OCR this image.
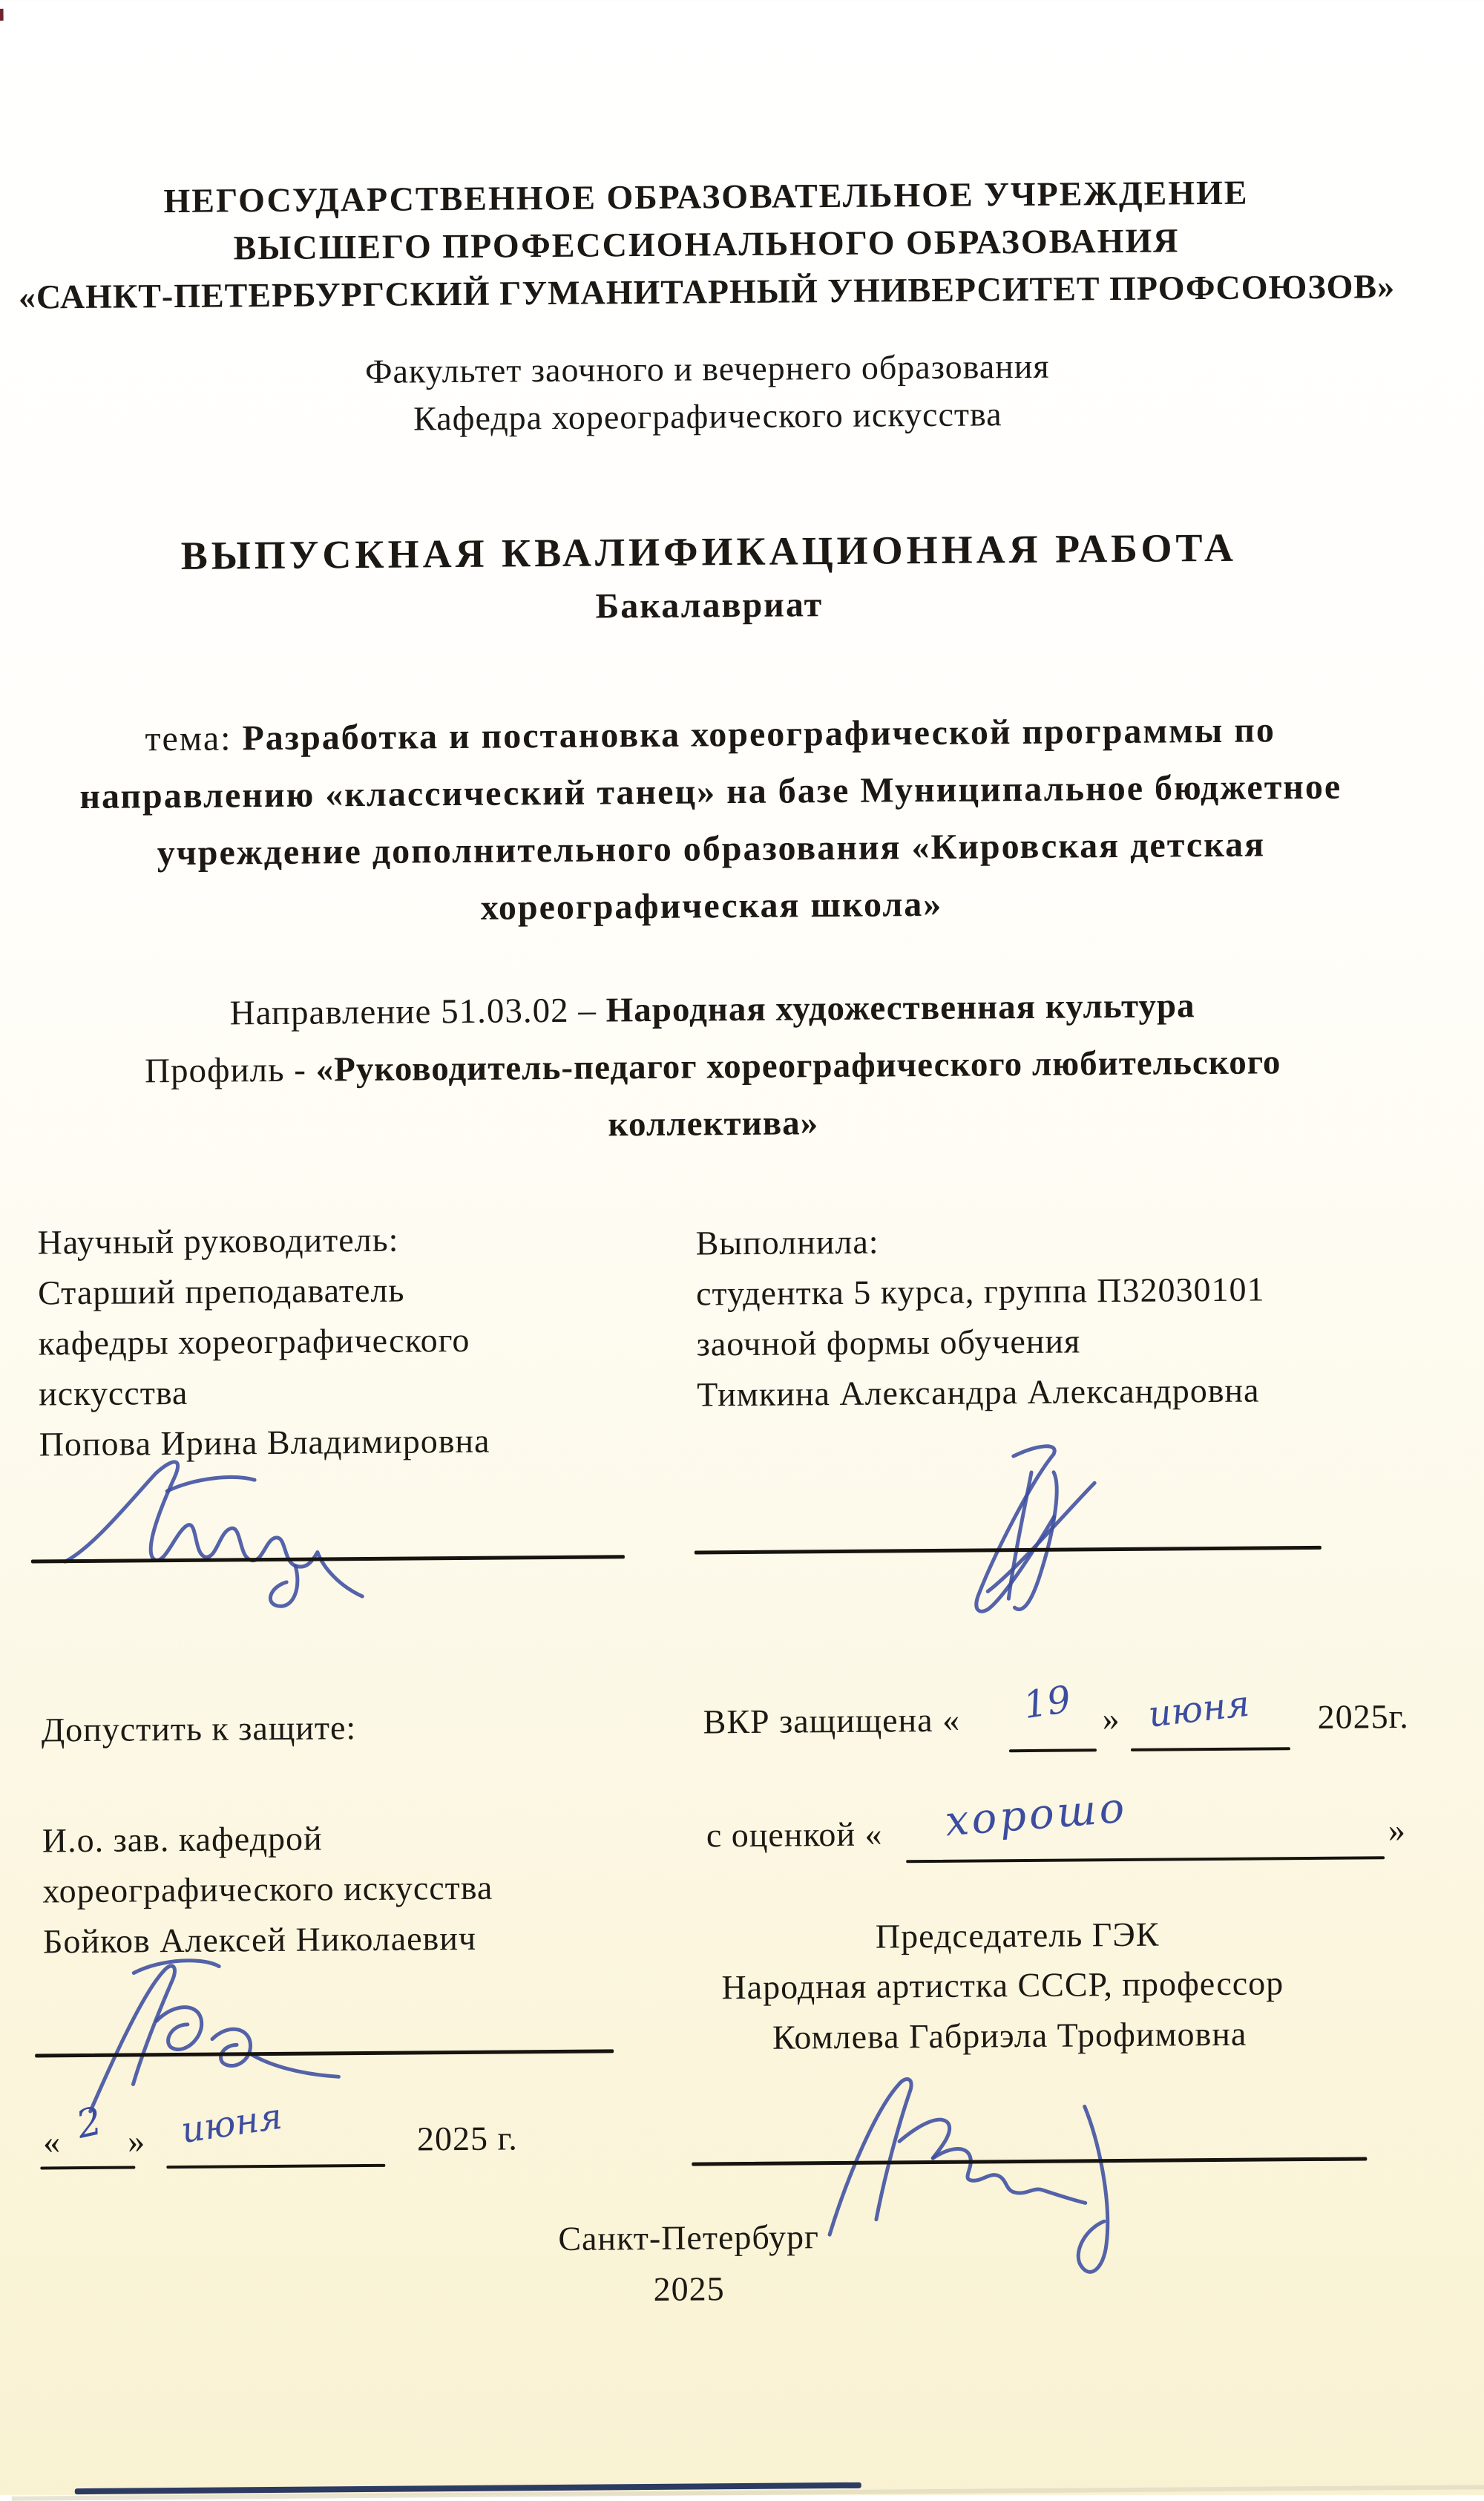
НЕГОСУДАРСТВЕННОЕ ОБРАЗОВАТЕЛЬНОЕ УЧРЕЖДЕНИЕ
ВЫСШЕГО ПРОФЕССИОНАЛЬНОГО ОБРАЗОВАНИЯ
«САНКТ-ПЕТЕРБУРГСКИЙ ГУМАНИТАРНЫЙ УНИВЕРСИТЕТ ПРОФСОЮЗОВ»
Факультет заочного и вечернего образования
Кафедра хореографического искусства
ВЫПУСКНАЯ КВАЛИФИКАЦИОННАЯ РАБОТА
Бакалавриат
тема: Разработка и постановка хореографической программы по
направлению «классический танец» на базе Муниципальное бюджетное
учреждение дополнительного образования «Кировская детская
хореографическая школа»
Направление 51.03.02 – Народная художественная культура
Профиль - «Руководитель-педагог хореографического любительского
коллектива»
Научный руководитель:
Старший преподаватель
кафедры хореографического
искусства
Попова Ирина Владимировна
Выполнила:
студентка 5 курса, группа П32030101
заочной формы обучения
Тимкина Александра Александровна
Допустить к защите:
И.о. зав. кафедрой
хореографического искусства
Бойков Алексей Николаевич
ВКР защищена « 19 » июня 2025г.
с оценкой « хорошо	»
Председатель ГЭК
Народная артистка СССР, профессор
Комлева Габриэла Трофимовна
« 2 » июня	2025 г.
Санкт-Петербург
2025
